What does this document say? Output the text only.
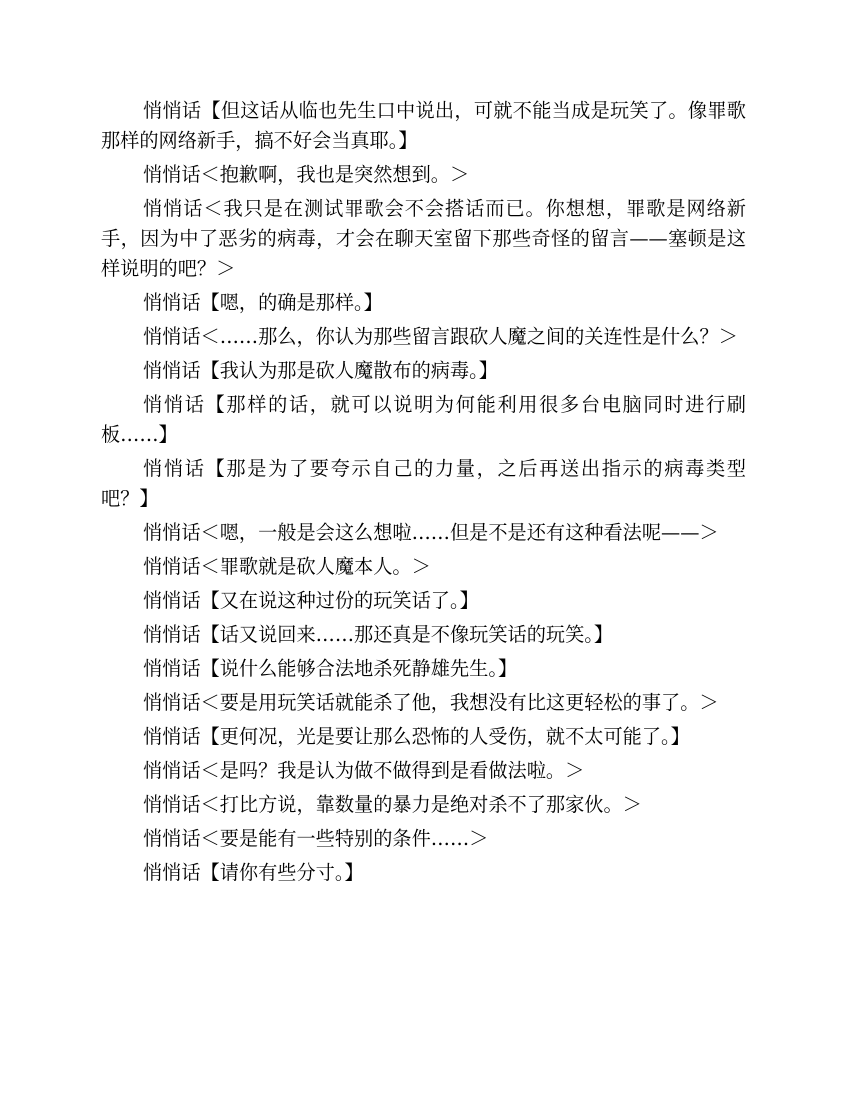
悄悄话【但这话从临也先生口中说出，可就不能当成是玩笑了。像罪歌那样的网络新手，搞不好会当真耶。】

悄悄话＜抱歉啊，我也是突然想到。＞

悄悄话＜我只是在测试罪歌会不会搭话而已。你想想，罪歌是网络新手，因为中了恶劣的病毒，才会在聊天室留下那些奇怪的留言——塞顿是这样说明的吧？＞

悄悄话【嗯，的确是那样。】

悄悄话＜……那么，你认为那些留言跟砍人魔之间的关连性是什么？＞

悄悄话【我认为那是砍人魔散布的病毒。】

悄悄话【那样的话，就可以说明为何能利用很多台电脑同时进行刷板……】

悄悄话【那是为了要夸示自己的力量，之后再送出指示的病毒类型吧？】

悄悄话＜嗯，一般是会这么想啦……但是不是还有这种看法呢——＞

悄悄话＜罪歌就是砍人魔本人。＞

悄悄话【又在说这种过份的玩笑话了。】

悄悄话【话又说回来……那还真是不像玩笑话的玩笑。】

悄悄话【说什么能够合法地杀死静雄先生。】

悄悄话＜要是用玩笑话就能杀了他，我想没有比这更轻松的事了。＞

悄悄话【更何况，光是要让那么恐怖的人受伤，就不太可能了。】

悄悄话＜是吗？我是认为做不做得到是看做法啦。＞

悄悄话＜打比方说，靠数量的暴力是绝对杀不了那家伙。＞

悄悄话＜要是能有一些特别的条件……＞

悄悄话【请你有些分寸。】
